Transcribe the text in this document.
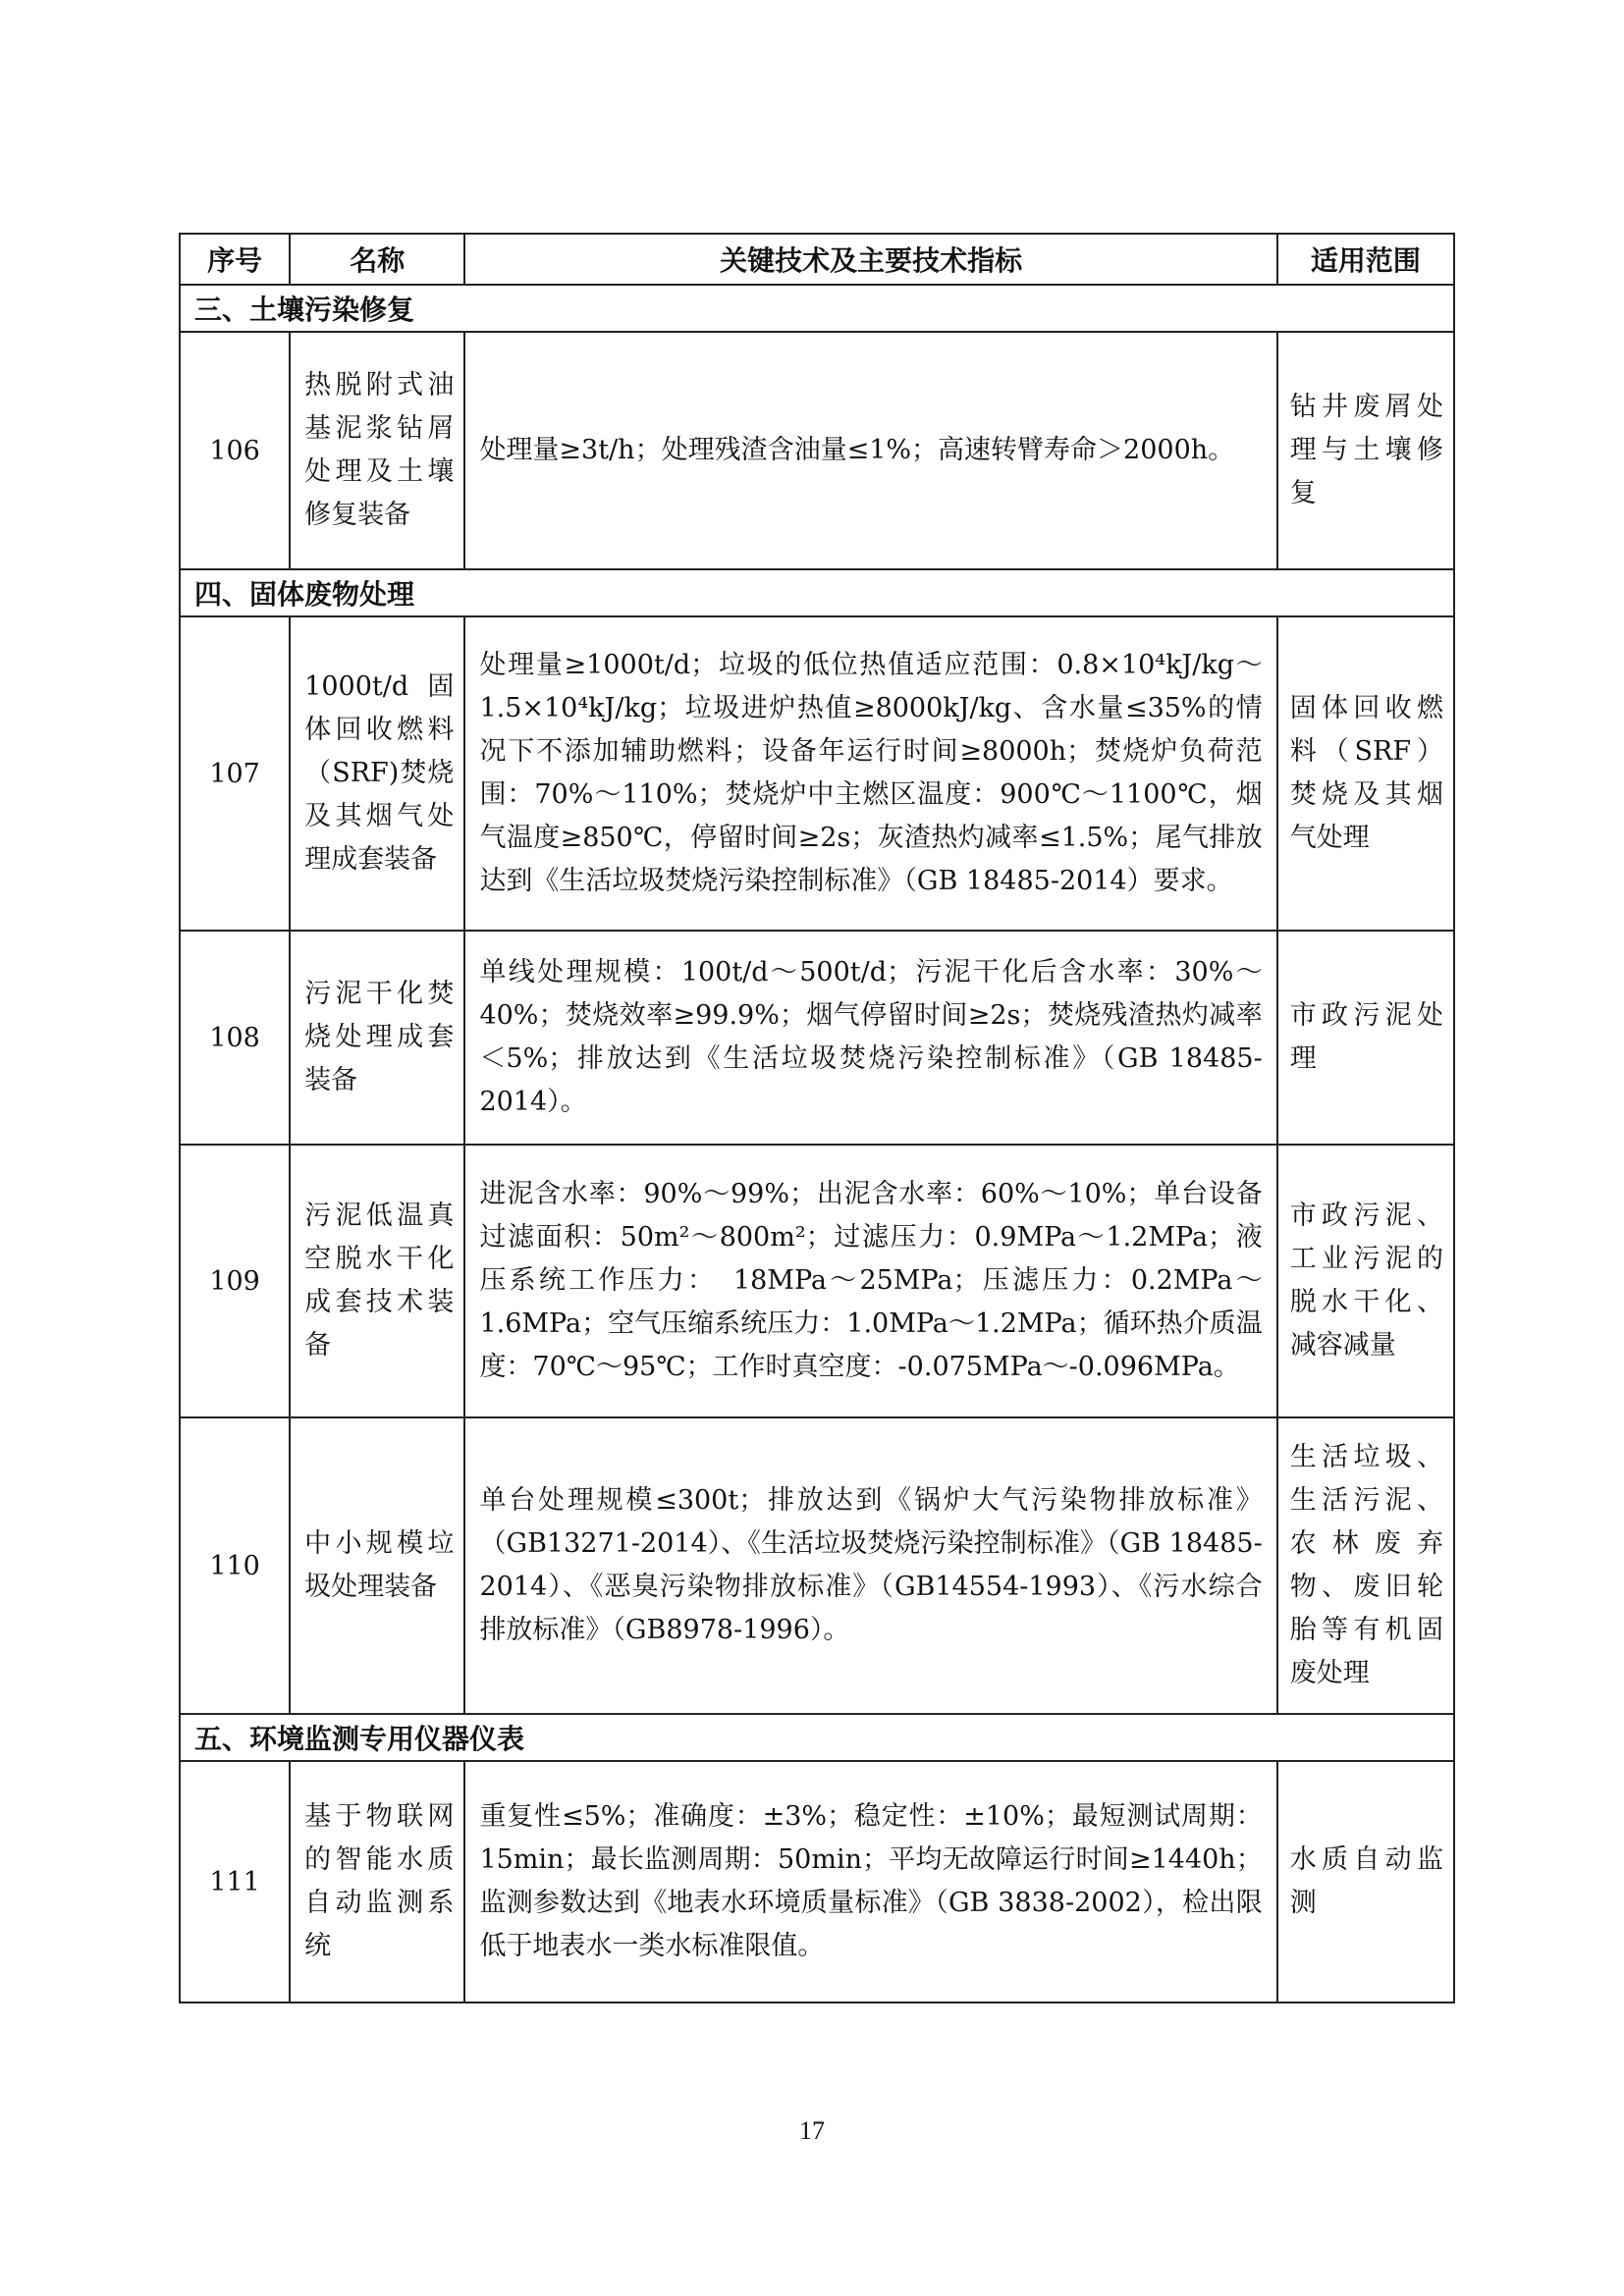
序号	名称	关键技术及主要技术指标	适用范围
三、土壤污染修复			
106	热脱附式油基泥浆钻屑处理及土壤修复装备	处理量≥3t/h；处理残渣含油量≤1%；高速转臂寿命＞2000h。	钻井废屑处理与土壤修复
四、固体废物处理			
107	1000t/d 固体回收燃料（SRF)焚烧及其烟气处理成套装备	处理量≥1000t/d；垃圾的低位热值适应范围：0.8×10⁴kJ/kg～1.5×10⁴kJ/kg；垃圾进炉热值≥8000kJ/kg、含水量≤35%的情况下不添加辅助燃料；设备年运行时间≥8000h；焚烧炉负荷范围：70%～110%；焚烧炉中主燃区温度：900℃～1100℃，烟气温度≥850℃，停留时间≥2s；灰渣热灼减率≤1.5%；尾气排放达到《生活垃圾焚烧污染控制标准》（GB 18485-2014）要求。	固体回收燃料（SRF）焚烧及其烟气处理
108	污泥干化焚烧处理成套装备	单线处理规模：100t/d～500t/d；污泥干化后含水率：30%～40%；焚烧效率≥99.9%；烟气停留时间≥2s；焚烧残渣热灼减率＜5%；排放达到《生活垃圾焚烧污染控制标准》（GB 18485-2014）。	市政污泥处理
109	污泥低温真空脱水干化成套技术装备	进泥含水率：90%～99%；出泥含水率：60%～10%；单台设备过滤面积：50m²～800m²；过滤压力：0.9MPa～1.2MPa；液压系统工作压力：　18MPa～25MPa；压滤压力：0.2MPa～1.6MPa；空气压缩系统压力：1.0MPa～1.2MPa；循环热介质温度：70℃～95℃；工作时真空度：-0.075MPa～-0.096MPa。	市政污泥、工业污泥的脱水干化、减容减量
110	中小规模垃圾处理装备	单台处理规模≤300t；排放达到《锅炉大气污染物排放标准》（GB13271-2014）、《生活垃圾焚烧污染控制标准》（GB 18485-2014）、《恶臭污染物排放标准》（GB14554-1993）、《污水综合排放标准》（GB8978-1996）。	生活垃圾、生活污泥、农林废弃物、废旧轮胎等有机固废处理
五、环境监测专用仪器仪表			
111	基于物联网的智能水质自动监测系统	重复性≤5%；准确度：±3%；稳定性：±10%；最短测试周期：15min；最长监测周期：50min；平均无故障运行时间≥1440h；监测参数达到《地表水环境质量标准》（GB 3838-2002），检出限低于地表水一类水标准限值。	水质自动监测
17
